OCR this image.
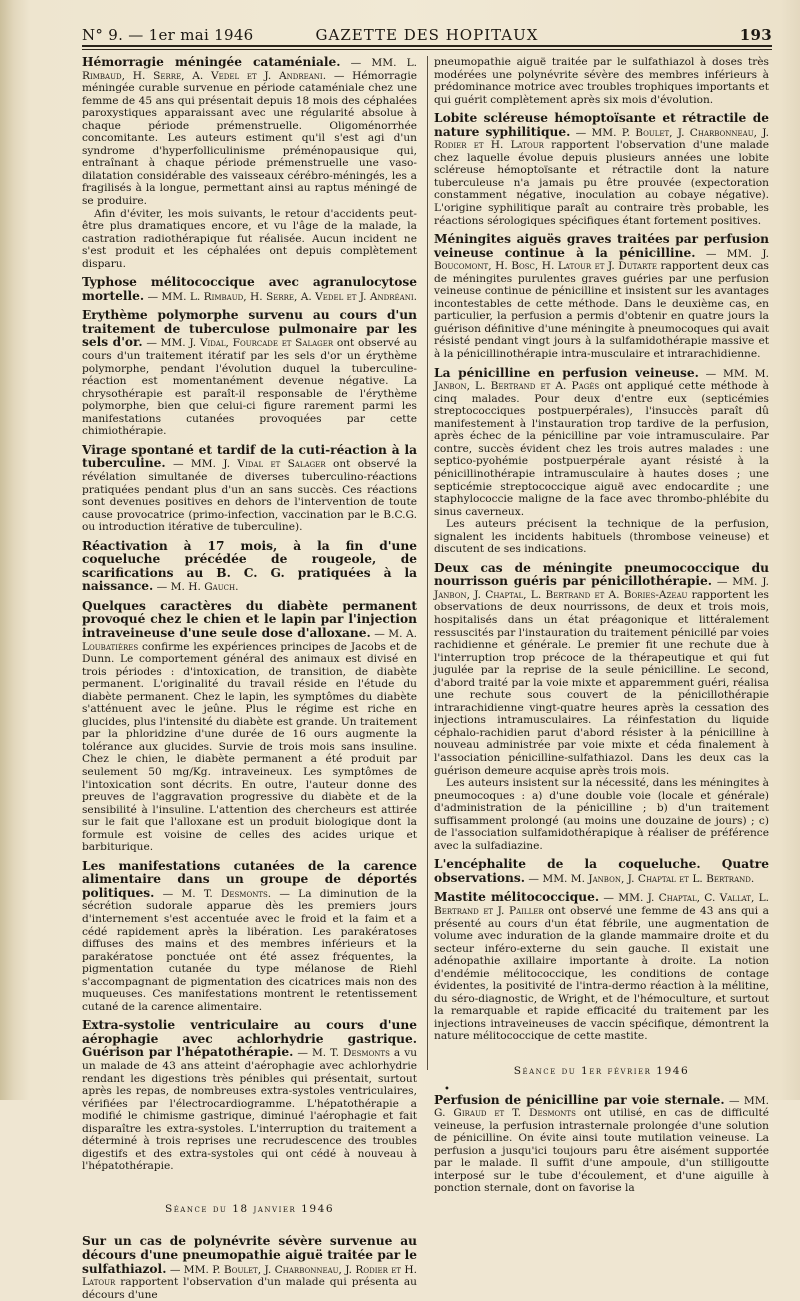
N° 9. — 1er mai 1946	GAZETTE DES HOPITAUX	193

Hémorragie méningée cataméniale. — MM. L. Rimbaud, H. Serre, A. Vedel et J. Andreani. — Hémorragie méningée curable survenue en période cataméniale chez une femme de 45 ans qui présentait depuis 18 mois des céphalées paroxystiques apparaissant avec une régularité absolue à chaque période prémenstruelle. Oligoménorrhée concomitante. Les auteurs estiment qu'il s'est agi d'un syndrome d'hyperfolliculinisme préménopausique qui, entraînant à chaque période prémenstruelle une vaso-dilatation considérable des vaisseaux cérébro-méningés, les a fragilisés à la longue, permettant ainsi au raptus méningé de se produire.

Afin d'éviter, les mois suivants, le retour d'accidents peut-être plus dramatiques encore, et vu l'âge de la malade, la castration radiothérapique fut réalisée. Aucun incident ne s'est produit et les céphalées ont depuis complètement disparu.

Typhose mélitococcique avec agranulocytose mortelle. — MM. L. Rimbaud, H. Serre, A. Vedel et J. Andréani.

Erythème polymorphe survenu au cours d'un traitement de tuberculose pulmonaire par les sels d'or. — MM. J. Vidal, Fourcade et Salager ont observé au cours d'un traitement itératif par les sels d'or un érythème polymorphe, pendant l'évolution duquel la tuberculine-réaction est momentanément devenue négative. La chrysothérapie est paraît-il responsable de l'érythème polymorphe, bien que celui-ci figure rarement parmi les manifestations cutanées provoquées par cette chimiothérapie.

Virage spontané et tardif de la cuti-réaction à la tuberculine. — MM. J. Vidal et Salager ont observé la révélation simultanée de diverses tuberculino-réactions pratiquées pendant plus d'un an sans succès. Ces réactions sont devenues positives en dehors de l'intervention de toute cause provocatrice (primo-infection, vaccination par le B.C.G. ou introduction itérative de tuberculine).

Réactivation à 17 mois, à la fin d'une coqueluche précédée de rougeole, de scarifications au B. C. G. pratiquées à la naissance. — M. H. Gauch.

Quelques caractères du diabète permanent provoqué chez le chien et le lapin par l'injection intraveineuse d'une seule dose d'alloxane. — M. A. Loubatières confirme les expériences principes de Jacobs et de Dunn. Le comportement général des animaux est divisé en trois périodes : d'intoxication, de transition, de diabète permanent. L'originalité du travail réside en l'étude du diabète permanent. Chez le lapin, les symptômes du diabète s'atténuent avec le jeûne. Plus le régime est riche en glucides, plus l'intensité du diabète est grande. Un traitement par la phloridzine d'une durée de 16 ours augmente la tolérance aux glucides. Survie de trois mois sans insuline. Chez le chien, le diabète permanent a été produit par seulement 50 mg/Kg. intraveineux. Les symptômes de l'intoxication sont décrits. En outre, l'auteur donne des preuves de l'aggravation progressive du diabète et de la sensibilité à l'insuline. L'attention des chercheurs est attirée sur le fait que l'alloxane est un produit biologique dont la formule est voisine de celles des acides urique et barbiturique.

Les manifestations cutanées de la carence alimentaire dans un groupe de déportés politiques. — M. T. Desmonts. — La diminution de la sécrétion sudorale apparue dès les premiers jours d'internement s'est accentuée avec le froid et la faim et a cédé rapidement après la libération. Les parakératoses diffuses des mains et des membres inférieurs et la parakératose ponctuée ont été assez fréquentes, la pigmentation cutanée du type mélanose de Riehl s'accompagnant de pigmentation des cicatrices mais non des muqueuses. Ces manifestations montrent le retentissement cutané de la carence alimentaire.

Extra-systolie ventriculaire au cours d'une aérophagie avec achlorhydrie gastrique. Guérison par l'hépatothérapie. — M. T. Desmonts a vu un malade de 43 ans atteint d'aérophagie avec achlorhydrie rendant les digestions très pénibles qui présentait, surtout après les repas, de nombreuses extra-systoles ventriculaires, vérifiées par l'électrocardiogramme. L'hépatothérapie a modifié le chimisme gastrique, diminué l'aérophagie et fait disparaître les extra-systoles. L'interruption du traitement a déterminé à trois reprises une recrudescence des troubles digestifs et des extra-systoles qui ont cédé à nouveau à l'hépatothérapie.

Séance du 18 janvier 1946

Sur un cas de polynévrite sévère survenue au décours d'une pneumopathie aiguë traitée par le sulfathiazol. — MM. P. Boulet, J. Charbonneau, J. Rodier et H. Latour rapportent l'observation d'un malade qui présenta au décours d'une

pneumopathie aiguë traitée par le sulfathiazol à doses très modérées une polynévrite sévère des membres inférieurs à prédominance motrice avec troubles trophiques importants et qui guérit complètement après six mois d'évolution.

Lobite scléreuse hémoptoïsante et rétractile de nature syphilitique. — MM. P. Boulet, J. Charbonneau, J. Rodier et H. Latour rapportent l'observation d'une malade chez laquelle évolue depuis plusieurs années une lobite scléreuse hémoptoïsante et rétractile dont la nature tuberculeuse n'a jamais pu être prouvée (expectoration constamment négative, inoculation au cobaye négative). L'origine syphilitique paraît au contraire très probable, les réactions sérologiques spécifiques étant fortement positives.

Méningites aiguës graves traitées par perfusion veineuse continue à la pénicilline. — MM. J. Boucomont, H. Bosc, H. Latour et J. Dutarte rapportent deux cas de méningites purulentes graves guéries par une perfusion veineuse continue de pénicilline et insistent sur les avantages incontestables de cette méthode. Dans le deuxième cas, en particulier, la perfusion a permis d'obtenir en quatre jours la guérison définitive d'une méningite à pneumocoques qui avait résisté pendant vingt jours à la sulfamidothérapie massive et à la pénicillinothérapie intra-musculaire et intrarachidienne.

La pénicilline en perfusion veineuse. — MM. M. Janbon, L. Bertrand et A. Pagès ont appliqué cette méthode à cinq malades. Pour deux d'entre eux (septicémies streptococciques postpuerpérales), l'insuccès paraît dû manifestement à l'instauration trop tardive de la perfusion, après échec de la pénicilline par voie intramusculaire. Par contre, succès évident chez les trois autres malades : une septico-pyohémie postpuerpérale ayant résisté à la pénicillinothérapie intramusculaire à hautes doses ; une septicémie streptococcique aiguë avec endocardite ; une staphylococcie maligne de la face avec thrombo-phlébite du sinus caverneux.

Les auteurs précisent la technique de la perfusion, signalent les incidents habituels (thrombose veineuse) et discutent de ses indications.

Deux cas de méningite pneumococcique du nourrisson guéris par pénicillothérapie. — MM. J. Janbon, J. Chaptal, L. Bertrand et A. Bories-Azeau rapportent les observations de deux nourrissons, de deux et trois mois, hospitalisés dans un état préagonique et littéralement ressuscités par l'instauration du traitement pénicillé par voies rachidienne et générale. Le premier fit une rechute due à l'interruption trop précoce de la thérapeutique et qui fut jugulée par la reprise de la seule pénicilline. Le second, d'abord traité par la voie mixte et apparemment guéri, réalisa une rechute sous couvert de la pénicillothérapie intrarachidienne vingt-quatre heures après la cessation des injections intramusculaires. La réinfestation du liquide céphalo-rachidien parut d'abord résister à la pénicilline à nouveau administrée par voie mixte et céda finalement à l'association pénicilline-sulfathiazol. Dans les deux cas la guérison demeure acquise après trois mois.

Les auteurs insistent sur la nécessité, dans les méningites à pneumocoques : a) d'une double voie (locale et générale) d'administration de la pénicilline ; b) d'un traitement suffisamment prolongé (au moins une douzaine de jours) ; c) de l'association sulfamidothérapique à réaliser de préférence avec la sulfadiazine.

L'encéphalite de la coqueluche. Quatre observations. — MM. M. Janbon, J. Chaptal et L. Bertrand.

Mastite mélitococcique. — MM. J. Chaptal, C. Vallat, L. Bertrand et J. Pailler ont observé une femme de 43 ans qui a présenté au cours d'un état fébrile, une augmentation de volume avec induration de la glande mammaire droite et du secteur inféro-externe du sein gauche. Il existait une adénopathie axillaire importante à droite. La notion d'endémie mélitococcique, les conditions de contage évidentes, la positivité de l'intra-dermo réaction à la mélitine, du séro-diagnostic, de Wright, et de l'hémoculture, et surtout la remarquable et rapide efficacité du traitement par les injections intraveineuses de vaccin spécifique, démontrent la nature mélitococcique de cette mastite.

Séance du 1er février 1946
•

Perfusion de pénicilline par voie sternale. — MM. G. Giraud et T. Desmonts ont utilisé, en cas de difficulté veineuse, la perfusion intrasternale prolongée d'une solution de pénicilline. On évite ainsi toute mutilation veineuse. La perfusion a jusqu'ici toujours paru être aisément supportée par le malade. Il suffit d'une ampoule, d'un stilligoutte interposé sur le tube d'écoulement, et d'une aiguille à ponction sternale, dont on favorise la
